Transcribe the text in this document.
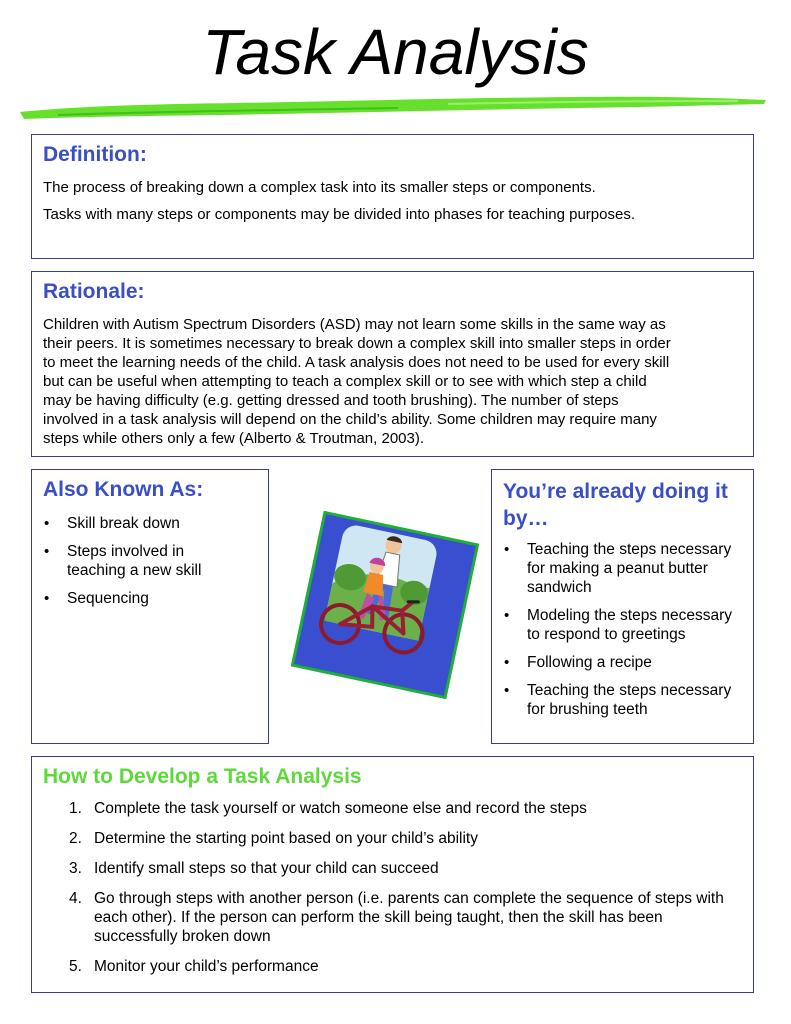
Task Analysis
Definition:
The process of breaking down a complex task into its smaller steps or components.
Tasks with many steps or components may be divided into phases for teaching purposes.
Rationale:
Children with Autism Spectrum Disorders (ASD) may not learn some skills in the same way as
their peers. It is sometimes necessary to break down a complex skill into smaller steps in order
to meet the learning needs of the child. A task analysis does not need to be used for every skill
but can be useful when attempting to teach a complex skill or to see with which step a child
may be having difficulty (e.g. getting dressed and tooth brushing). The number of steps
involved in a task analysis will depend on the child’s ability. Some children may require many
steps while others only a few (Alberto & Troutman, 2003).
Also Known As:
• Skill break down
• Steps involved in teaching a new skill
• Sequencing
You’re already doing it
by…
• Teaching the steps necessary for making a peanut butter sandwich
• Modeling the steps necessary to respond to greetings
• Following a recipe
• Teaching the steps necessary for brushing teeth
How to Develop a Task Analysis
1. Complete the task yourself or watch someone else and record the steps
2. Determine the starting point based on your child’s ability
3. Identify small steps so that your child can succeed
4. Go through steps with another person (i.e. parents can complete the sequence of steps with each other). If the person can perform the skill being taught, then the skill has been successfully broken down
5. Monitor your child’s performance
